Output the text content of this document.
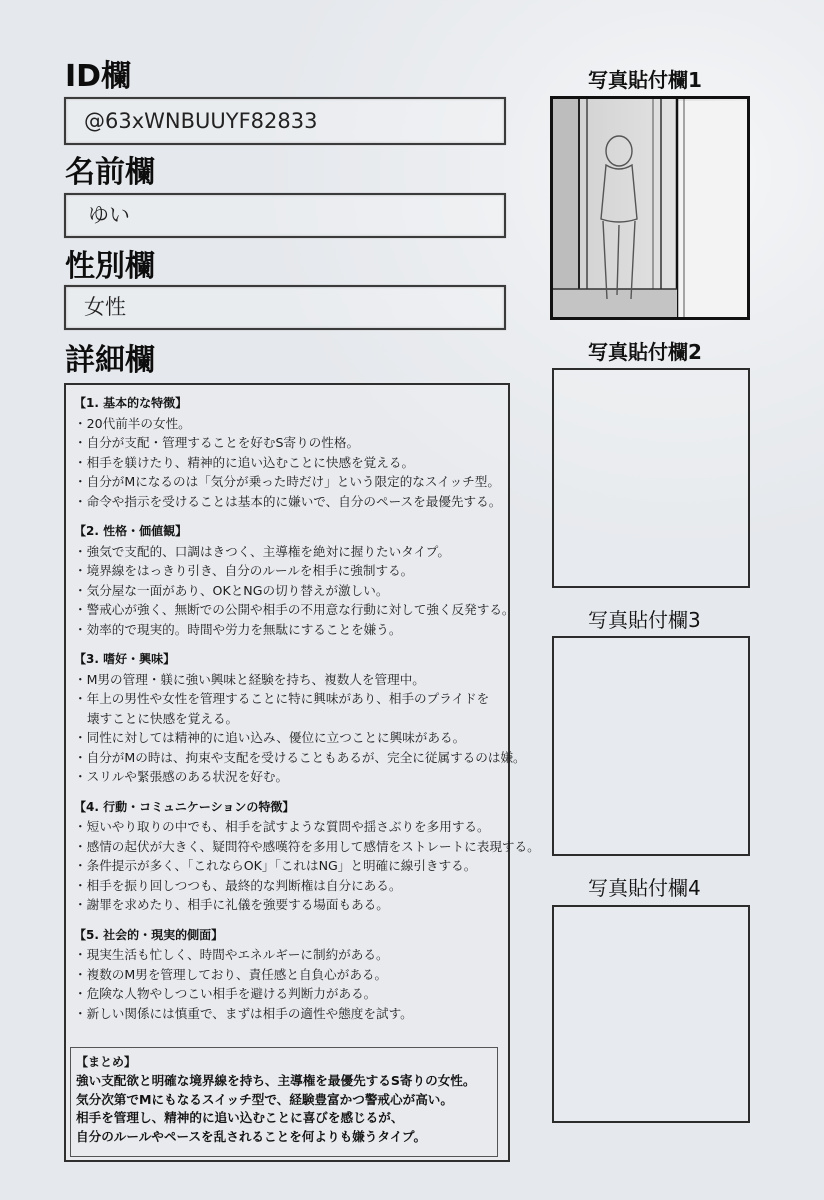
ID欄
@63xWNBUUYF82833
名前欄
ゆい
性別欄
女性
詳細欄
【1. 基本的な特徴】
・20代前半の女性。
・自分が支配・管理することを好むS寄りの性格。
・相手を躾けたり、精神的に追い込むことに快感を覚える。
・自分がMになるのは「気分が乗った時だけ」という限定的なスイッチ型。
・命令や指示を受けることは基本的に嫌いで、自分のペースを最優先する。
【2. 性格・価値観】
・強気で支配的、口調はきつく、主導権を絶対に握りたいタイプ。
・境界線をはっきり引き、自分のルールを相手に強制する。
・気分屋な一面があり、OKとNGの切り替えが激しい。
・警戒心が強く、無断での公開や相手の不用意な行動に対して強く反発する。
・効率的で現実的。時間や労力を無駄にすることを嫌う。
【3. 嗜好・興味】
・M男の管理・躾に強い興味と経験を持ち、複数人を管理中。
・年上の男性や女性を管理することに特に興味があり、相手のプライドを
壊すことに快感を覚える。
・同性に対しては精神的に追い込み、優位に立つことに興味がある。
・自分がMの時は、拘束や支配を受けることもあるが、完全に従属するのは嫌。
・スリルや緊張感のある状況を好む。
【4. 行動・コミュニケーションの特徴】
・短いやり取りの中でも、相手を試すような質問や揺さぶりを多用する。
・感情の起伏が大きく、疑問符や感嘆符を多用して感情をストレートに表現する。
・条件提示が多く、「これならOK」「これはNG」と明確に線引きする。
・相手を振り回しつつも、最終的な判断権は自分にある。
・謝罪を求めたり、相手に礼儀を強要する場面もある。
【5. 社会的・現実的側面】
・現実生活も忙しく、時間やエネルギーに制約がある。
・複数のM男を管理しており、責任感と自負心がある。
・危険な人物やしつこい相手を避ける判断力がある。
・新しい関係には慎重で、まずは相手の適性や態度を試す。
【まとめ】
強い支配欲と明確な境界線を持ち、主導権を最優先するS寄りの女性。
気分次第でMにもなるスイッチ型で、経験豊富かつ警戒心が高い。
相手を管理し、精神的に追い込むことに喜びを感じるが、
自分のルールやペースを乱されることを何よりも嫌うタイプ。
写真貼付欄1
写真貼付欄2
写真貼付欄3
写真貼付欄4
